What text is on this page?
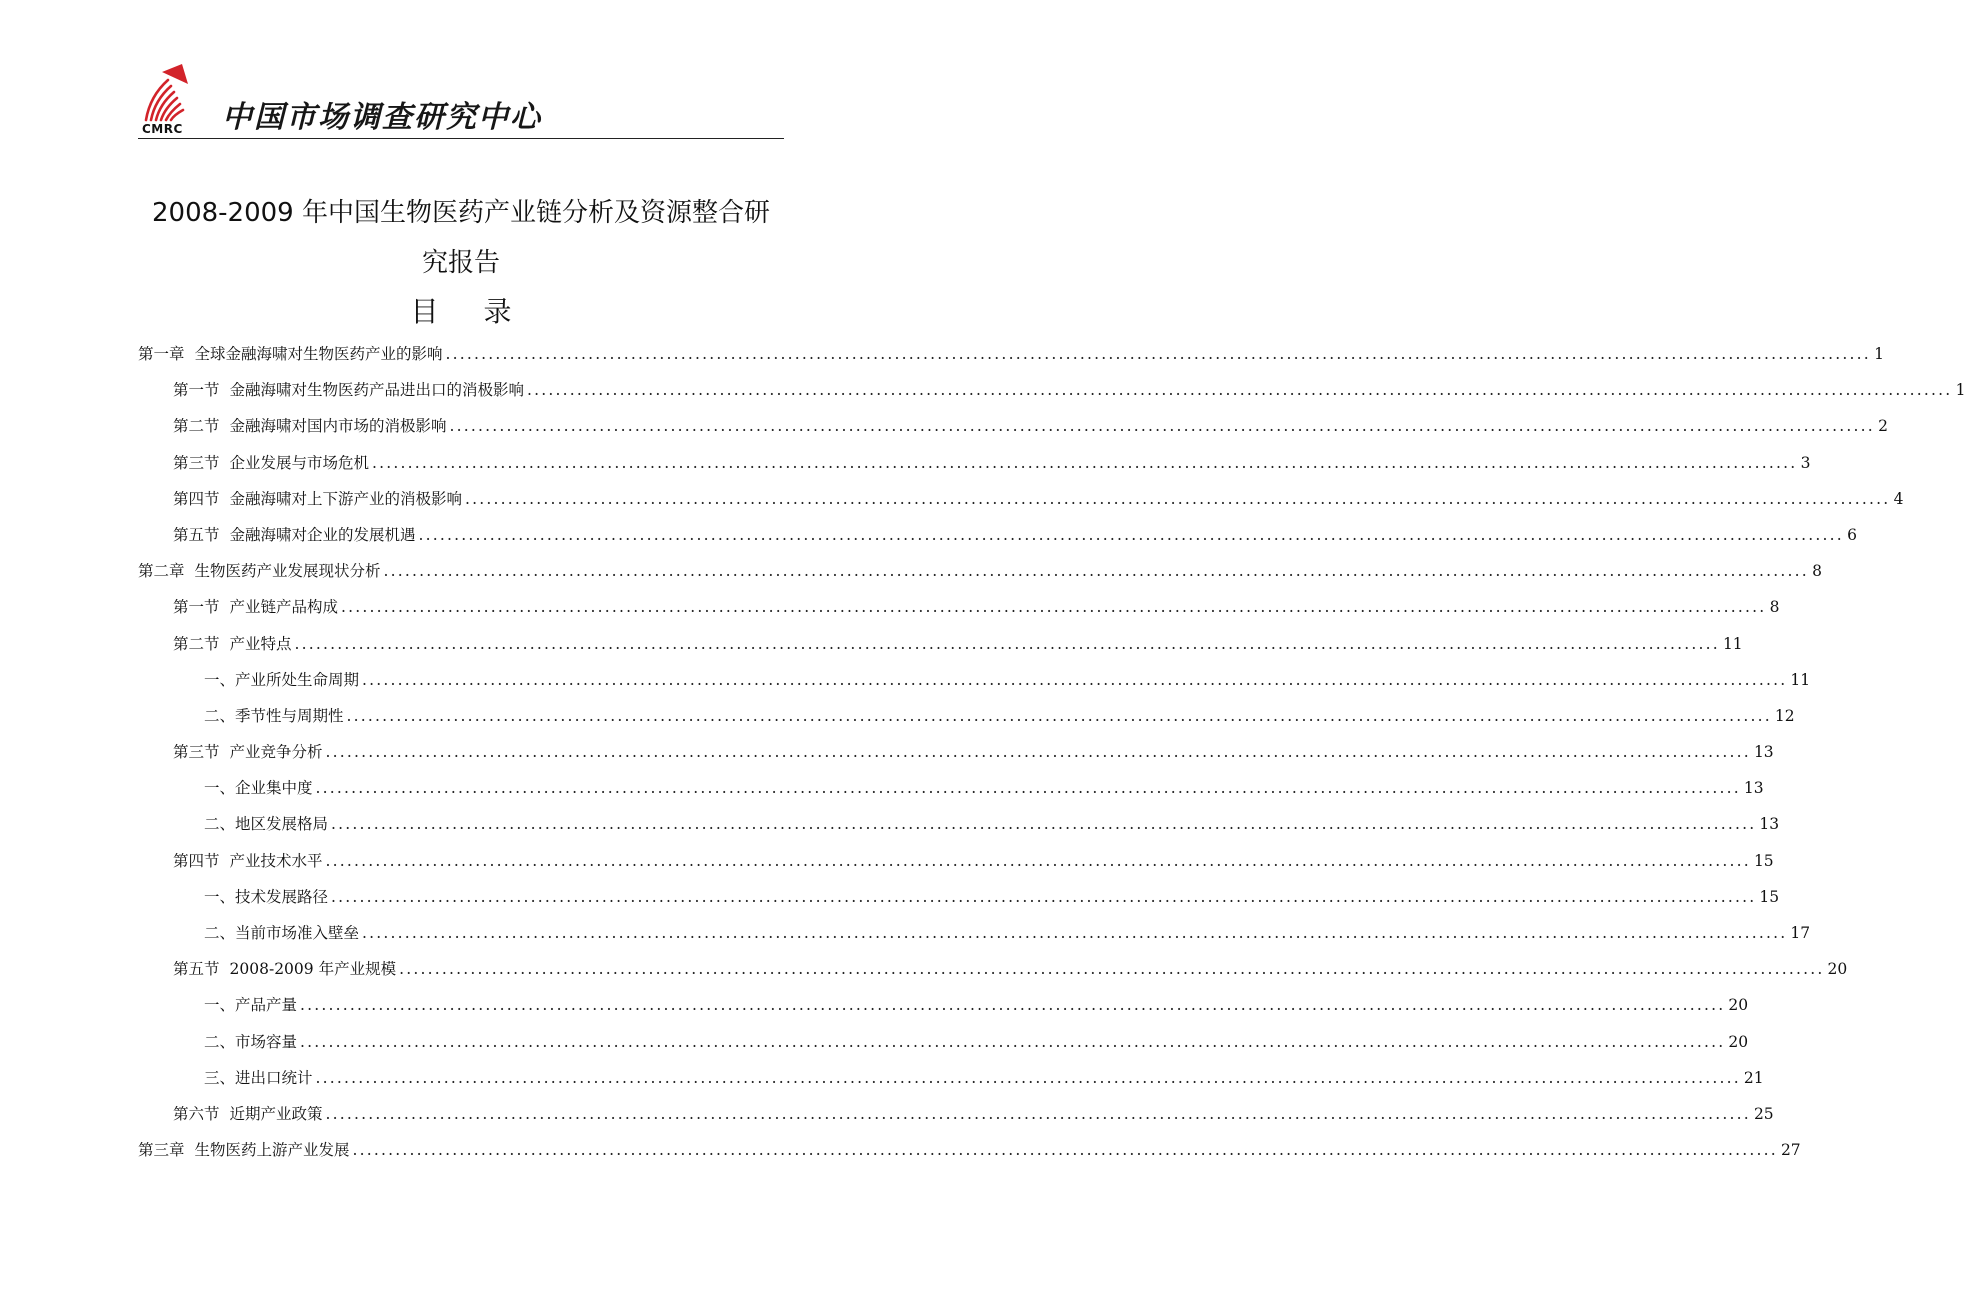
CMRC 中国市场调查研究中心
2008-2009 年中国生物医药产业链分析及资源整合研
究报告
目 录
第一章 全球金融海啸对生物医药产业的影响 ........................................................................................................................................................................................................ 1
第一节 金融海啸对生物医药产品进出口的消极影响 ........................................................................................................................................................................................................ 1
第二节 金融海啸对国内市场的消极影响 ........................................................................................................................................................................................................ 2
第三节 企业发展与市场危机 ........................................................................................................................................................................................................ 3
第四节 金融海啸对上下游产业的消极影响 ........................................................................................................................................................................................................ 4
第五节 金融海啸对企业的发展机遇 ........................................................................................................................................................................................................ 6
第二章 生物医药产业发展现状分析 ........................................................................................................................................................................................................ 8
第一节 产业链产品构成 ........................................................................................................................................................................................................ 8
第二节 产业特点 ........................................................................................................................................................................................................ 11
一、产业所处生命周期 ........................................................................................................................................................................................................ 11
二、季节性与周期性 ........................................................................................................................................................................................................ 12
第三节 产业竞争分析 ........................................................................................................................................................................................................ 13
一、企业集中度 ........................................................................................................................................................................................................ 13
二、地区发展格局 ........................................................................................................................................................................................................ 13
第四节 产业技术水平 ........................................................................................................................................................................................................ 15
一、技术发展路径 ........................................................................................................................................................................................................ 15
二、当前市场准入壁垒 ........................................................................................................................................................................................................ 17
第五节 2008-2009 年产业规模 ........................................................................................................................................................................................................ 20
一、产品产量 ........................................................................................................................................................................................................ 20
二、市场容量 ........................................................................................................................................................................................................ 20
三、进出口统计 ........................................................................................................................................................................................................ 21
第六节 近期产业政策 ........................................................................................................................................................................................................ 25
第三章 生物医药上游产业发展 ........................................................................................................................................................................................................ 27
